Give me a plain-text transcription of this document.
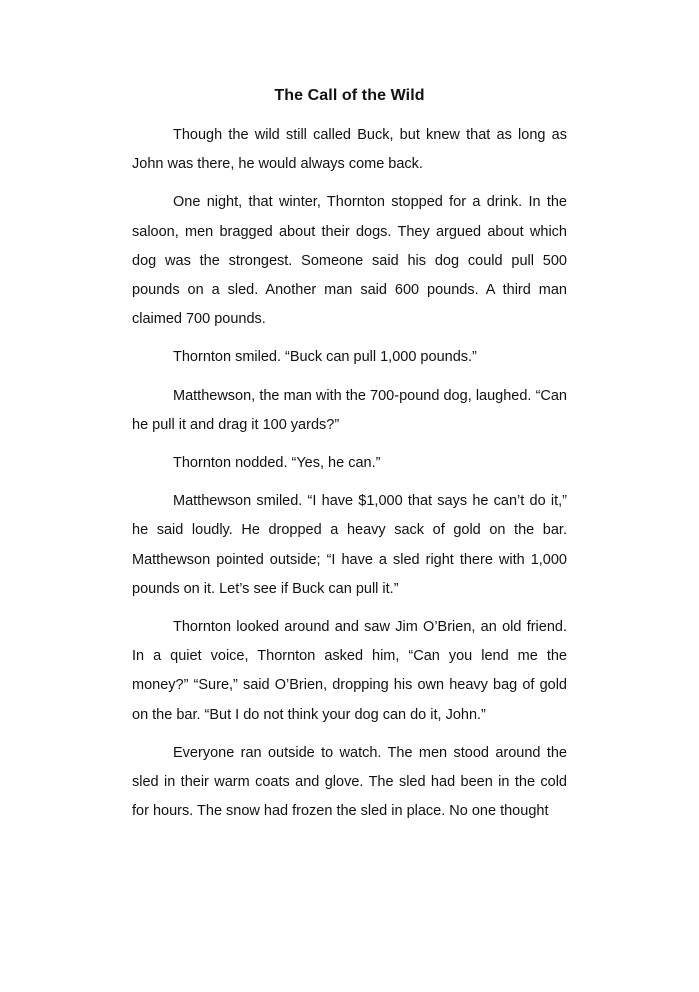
The Call of the Wild

Though the wild still called Buck, but knew that as long as John was there, he would always come back.

One night, that winter, Thornton stopped for a drink. In the saloon, men bragged about their dogs. They argued about which dog was the strongest. Someone said his dog could pull 500 pounds on a sled. Another man said 600 pounds. A third man claimed 700 pounds.

Thornton smiled. “Buck can pull 1,000 pounds.”

Matthewson, the man with the 700-pound dog, laughed. “Can he pull it and drag it 100 yards?”

Thornton nodded. “Yes, he can.”

Matthewson smiled. “I have $1,000 that says he can’t do it,” he said loudly. He dropped a heavy sack of gold on the bar. Matthewson pointed outside; “I have a sled right there with 1,000 pounds on it. Let’s see if Buck can pull it.”

Thornton looked around and saw Jim O’Brien, an old friend. In a quiet voice, Thornton asked him, “Can you lend me the money?” “Sure,” said O’Brien, dropping his own heavy bag of gold on the bar. “But I do not think your dog can do it, John.”

Everyone ran outside to watch. The men stood around the sled in their warm coats and glove. The sled had been in the cold for hours. The snow had frozen the sled in place. No one thought
